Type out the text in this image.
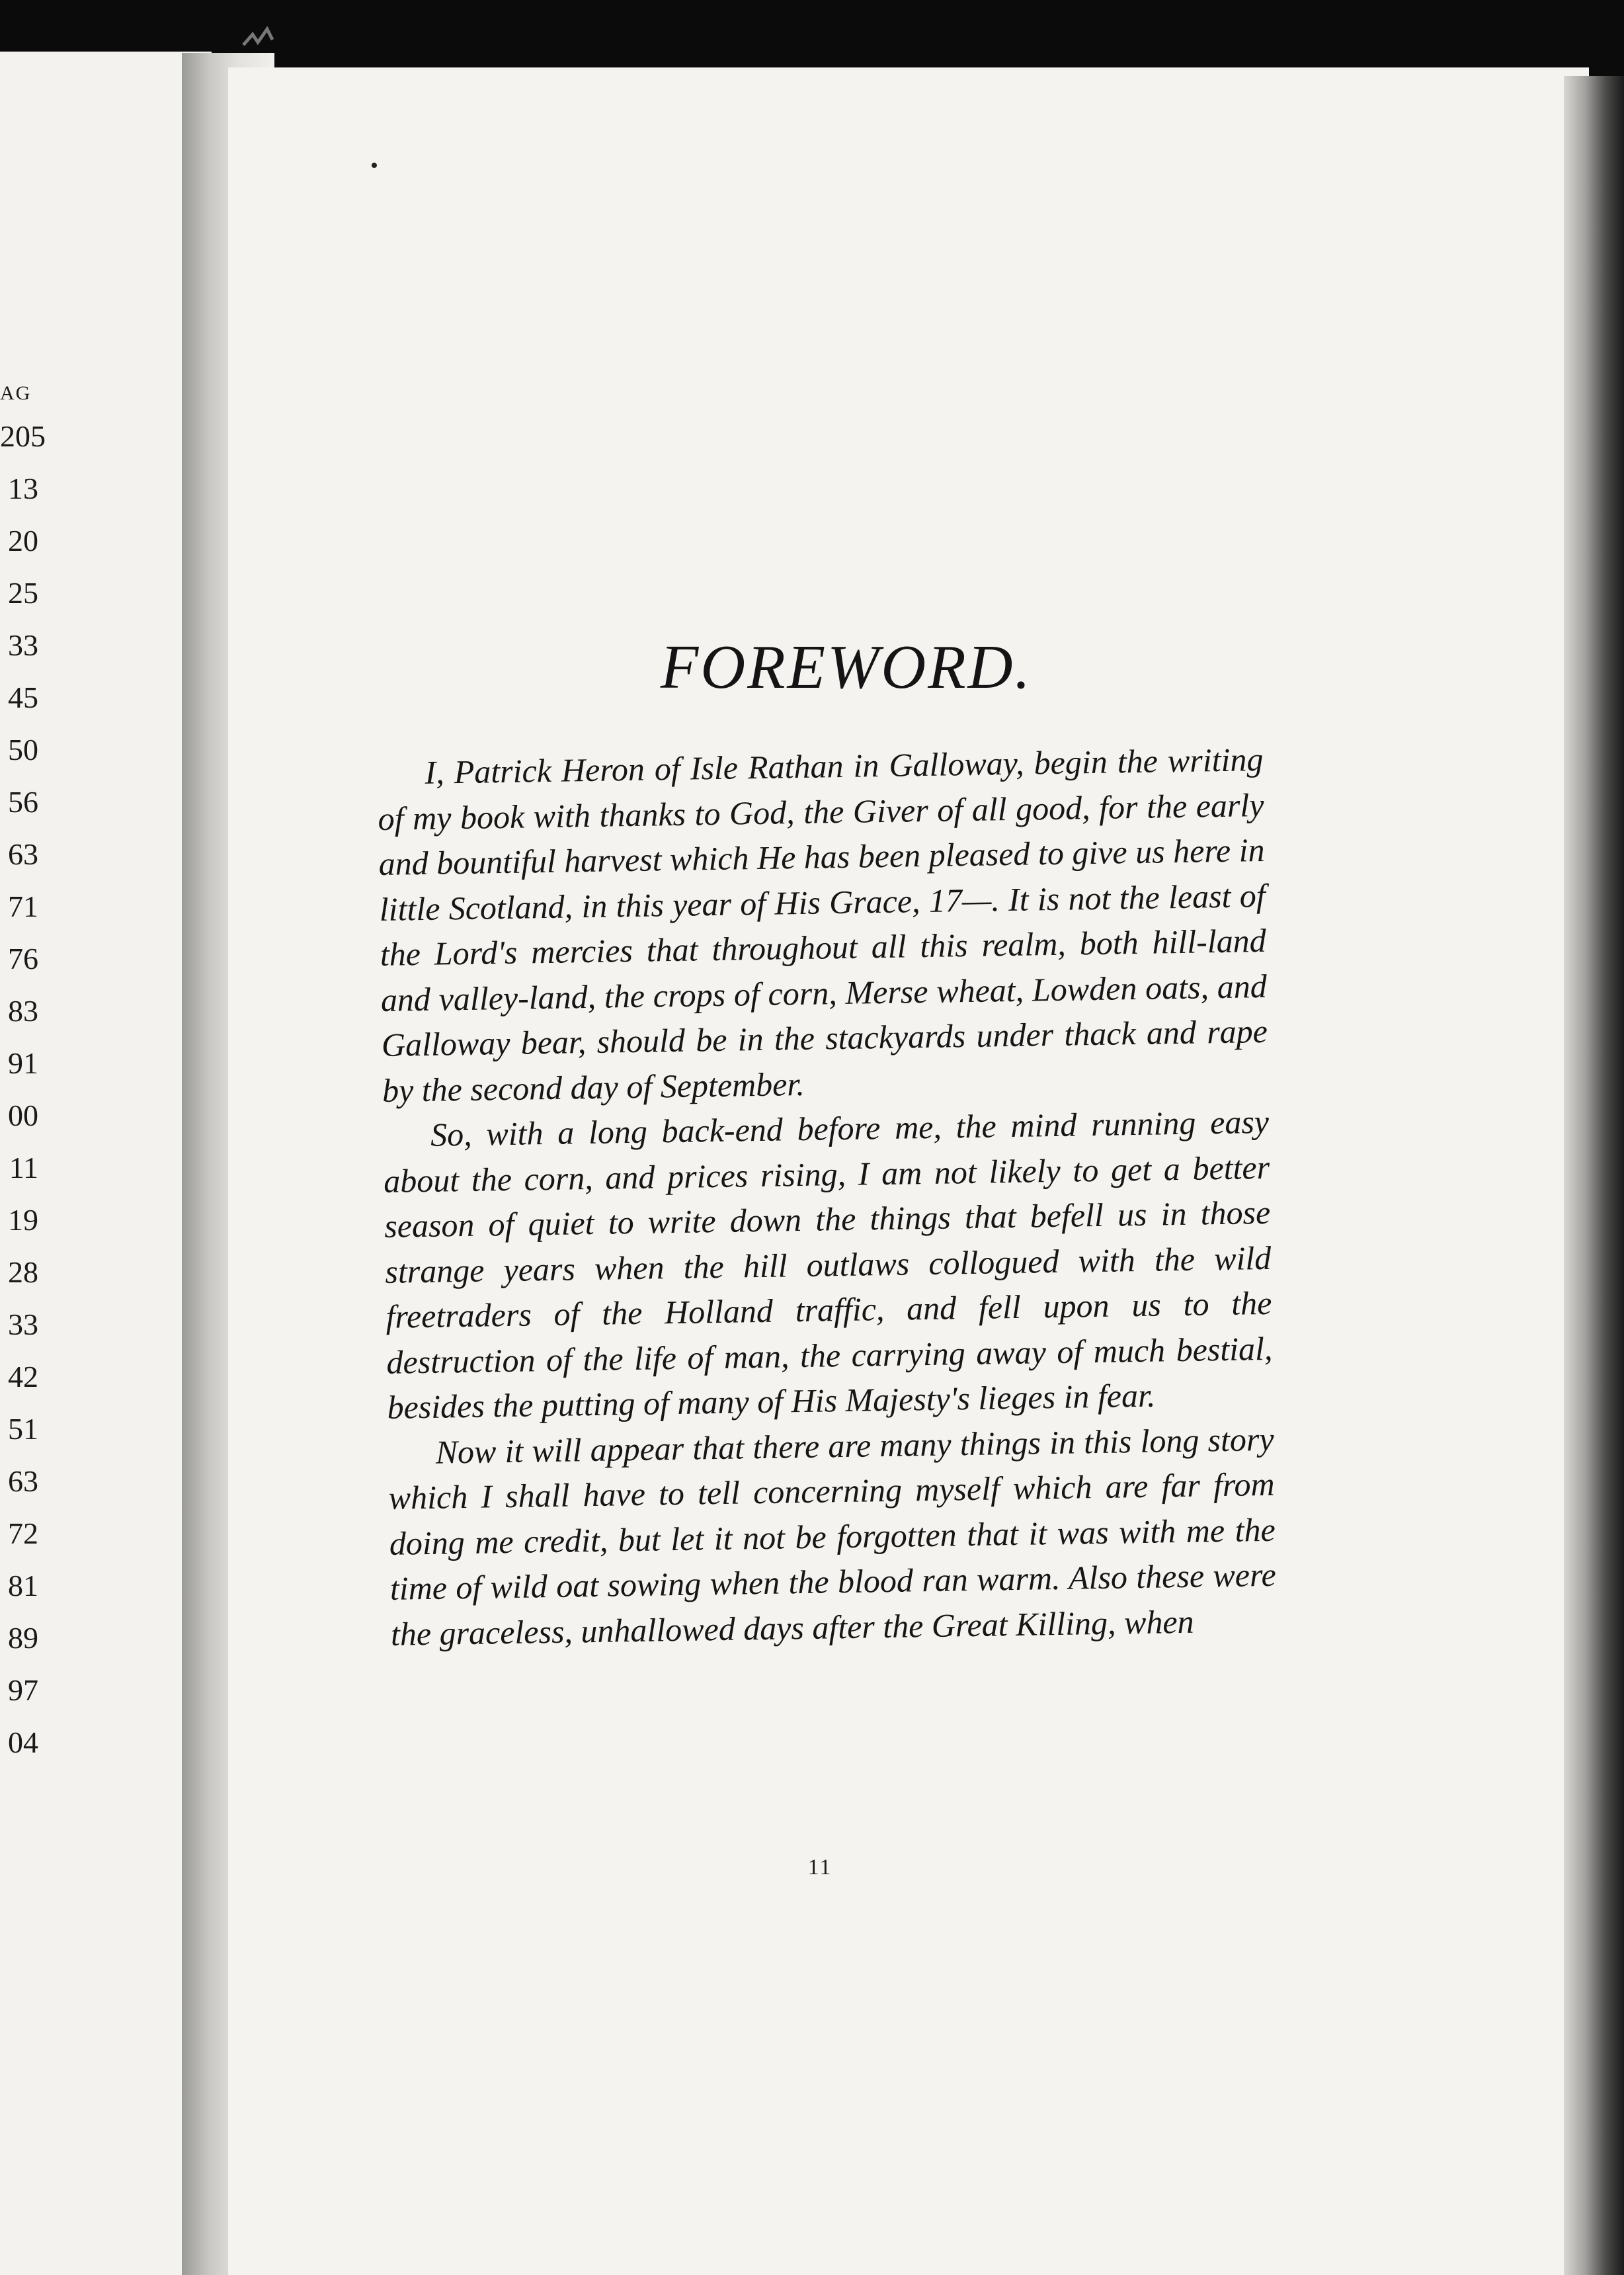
AG
205
13
20
25
33
45
50
56
63
71
76
83
91
00
11
19
28
33
42
51
63
72
81
89
97
04
•
FOREWORD.

I, Patrick Heron of Isle Rathan in Galloway, begin the writing of my book with thanks to God, the Giver of all good, for the early and bountiful harvest which He has been pleased to give us here in little Scotland, in this year of His Grace, 17—. It is not the least of the Lord's mercies that throughout all this realm, both hill-land and valley-land, the crops of corn, Merse wheat, Lowden oats, and Galloway bear, should be in the stackyards under thack and rape by the second day of September.

So, with a long back-end before me, the mind running easy about the corn, and prices rising, I am not likely to get a better season of quiet to write down the things that befell us in those strange years when the hill outlaws collogued with the wild freetraders of the Holland traffic, and fell upon us to the destruction of the life of man, the carrying away of much bestial, besides the putting of many of His Majesty's lieges in fear.

Now it will appear that there are many things in this long story which I shall have to tell concerning myself which are far from doing me credit, but let it not be forgotten that it was with me the time of wild oat sowing when the blood ran warm. Also these were the graceless, unhallowed days after the Great Killing, when

11
